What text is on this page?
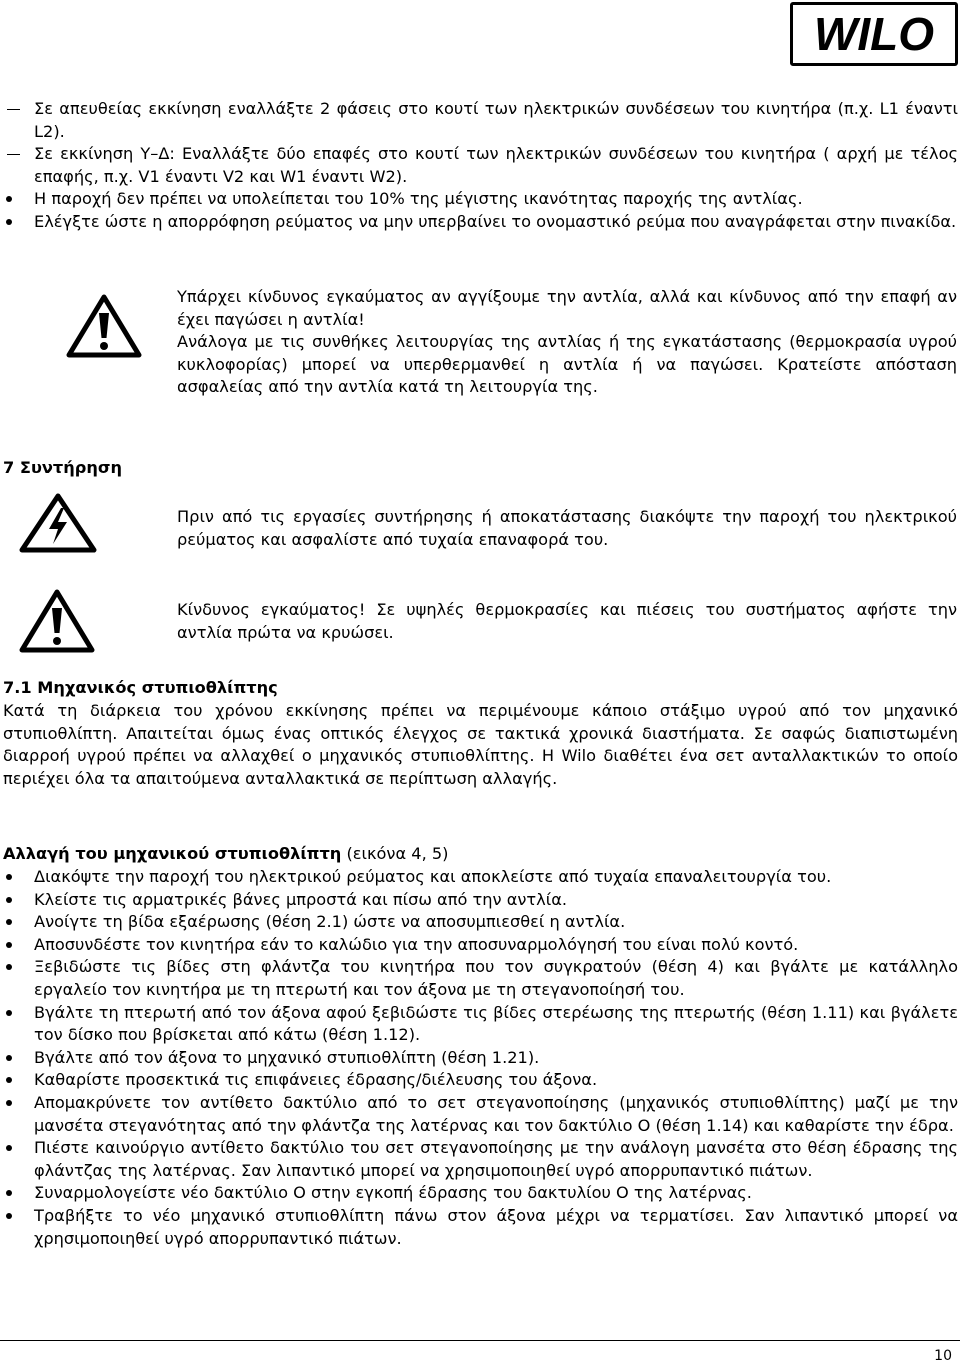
WILO
Σε απευθείας εκκίνηση εναλλάξτε 2 φάσεις στο κουτί των ηλεκτρικών συνδέσεων του κινητήρα (π.χ. L1 έναντι L2).
Σε εκκίνηση Υ–Δ: Εναλλάξτε δύο επαφές στο κουτί των ηλεκτρικών συνδέσεων του κινητήρα ( αρχή με τέλος επαφής, π.χ. V1 έναντι V2 και W1 έναντι W2).
Η παροχή δεν πρέπει να υπολείπεται του 10% της μέγιστης ικανότητας παροχής της αντλίας.
Ελέγξτε ώστε η απορρόφηση ρεύματος να μην υπερβαίνει το ονομαστικό ρεύμα που αναγράφεται στην πινακίδα.

Υπάρχει κίνδυνος εγκαύματος αν αγγίξουμε την αντλία, αλλά και κίνδυνος από την επαφή αν έχει παγώσει η αντλία!

Ανάλογα με τις συνθήκες λειτουργίας της αντλίας ή της εγκατάστασης (θερμοκρασία υγρού κυκλοφορίας) μπορεί να υπερθερμανθεί η αντλία ή να παγώσει. Κρατείστε απόσταση ασφαλείας από την αντλία κατά τη λειτουργία της.

7 Συντήρηση

Πριν από τις εργασίες συντήρησης ή αποκατάστασης διακόψτε την παροχή του ηλεκτρικού ρεύματος και ασφαλίστε από τυχαία επαναφορά του.

Κίνδυνος εγκαύματος! Σε υψηλές θερμοκρασίες και πιέσεις του συστήματος αφήστε την αντλία πρώτα να κρυώσει.

7.1 Μηχανικός στυπιοθλίπτης

Κατά τη διάρκεια του χρόνου εκκίνησης πρέπει να περιμένουμε κάποιο στάξιμο υγρού από τον μηχανικό στυπιοθλίπτη. Απαιτείται όμως ένας οπτικός έλεγχος σε τακτικά χρονικά διαστήματα. Σε σαφώς διαπιστωμένη διαρροή υγρού πρέπει να αλλαχθεί ο μηχανικός στυπιοθλίπτης. Η Wilo διαθέτει ένα σετ ανταλλακτικών το οποίο περιέχει όλα τα απαιτούμενα ανταλλακτικά σε περίπτωση αλλαγής.

Αλλαγή του μηχανικού στυπιοθλίπτη (εικόνα 4, 5)
Διακόψτε την παροχή του ηλεκτρικού ρεύματος και αποκλείστε από τυχαία επαναλειτουργία του.
Κλείστε τις αρματρικές βάνες μπροστά και πίσω από την αντλία.
Ανοίγτε τη βίδα εξαέρωσης (θέση 2.1) ώστε να αποσυμπιεσθεί η αντλία.
Αποσυνδέστε τον κινητήρα εάν το καλώδιο για την αποσυναρμολόγησή του είναι πολύ κοντό.
Ξεβιδώστε τις βίδες στη φλάντζα του κινητήρα που τον συγκρατούν (θέση 4) και βγάλτε με κατάλληλο εργαλείο τον κινητήρα με τη πτερωτή και τον άξονα με τη στεγανοποίησή του.
Βγάλτε τη πτερωτή από τον άξονα αφού ξεβιδώστε τις βίδες στερέωσης της πτερωτής (θέση 1.11) και βγάλετε τον δίσκο που βρίσκεται από κάτω (θέση 1.12).
Βγάλτε από τον άξονα το μηχανικό στυπιοθλίπτη (θέση 1.21).
Καθαρίστε προσεκτικά τις επιφάνειες έδρασης/διέλευσης του άξονα.
Απομακρύνετε τον αντίθετο δακτύλιο από το σετ στεγανοποίησης (μηχανικός στυπιοθλίπτης) μαζί με την μανσέτα στεγανότητας από την φλάντζα της λατέρνας και τον δακτύλιο Ο (θέση 1.14) και καθαρίστε την έδρα.
Πιέστε καινούργιο αντίθετο δακτύλιο του σετ στεγανοποίησης με την ανάλογη μανσέτα στο θέση έδρασης της φλάντζας της λατέρνας. Σαν λιπαντικό μπορεί να χρησιμοποιηθεί υγρό απορρυπαντικό πιάτων.
Συναρμολογείστε νέο δακτύλιο Ο στην εγκοπή έδρασης του δακτυλίου Ο της λατέρνας.
Τραβήξτε το νέο μηχανικό στυπιοθλίπτη πάνω στον άξονα μέχρι να τερματίσει. Σαν λιπαντικό μπορεί να χρησιμοποιηθεί υγρό απορρυπαντικό πιάτων.
10
